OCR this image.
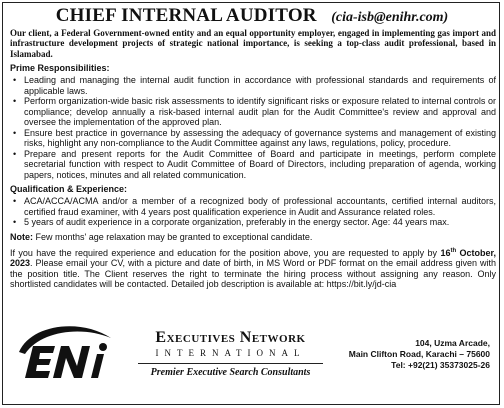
CHIEF INTERNAL AUDITOR (cia-isb@enihr.com)

Our client, a Federal Government-owned entity and an equal opportunity employer, engaged in implementing gas import and infrastructure development projects of strategic national importance, is seeking a top-class audit professional, based in Islamabad.

Prime Responsibilities:
• Leading and managing the internal audit function in accordance with professional standards and requirements of applicable laws.
• Perform organization-wide basic risk assessments to identify significant risks or exposure related to internal controls or compliance; develop annually a risk-based internal audit plan for the Audit Committee's review and approval and oversee the implementation of the approved plan.
• Ensure best practice in governance by assessing the adequacy of governance systems and management of existing risks, highlight any non-compliance to the Audit Committee against any laws, regulations, policy, procedure.
• Prepare and present reports for the Audit Committee of Board and participate in meetings, perform complete secretarial function with respect to Audit Committee of Board of Directors, including preparation of agenda, working papers, notices, minutes and all related communication.
Qualification & Experience:
• ACA/ACCA/ACMA and/or a member of a recognized body of professional accountants, certified internal auditors, certified fraud examiner, with 4 years post qualification experience in Audit and Assurance related roles.
• 5 years of audit experience in a corporate organization, preferably in the energy sector. Age: 44 years max.

Note: Few months' age relaxation may be granted to exceptional candidate.

If you have the required experience and education for the position above, you are requested to apply by 16th October, 2023. Please email your CV, with a picture and date of birth, in MS Word or PDF format on the email address given with the position title. The Client reserves the right to terminate the hiring process without assigning any reason. Only shortlisted candidates will be contacted. Detailed job description is available at: https://bit.ly/jd-cia

Executives Network
INTERNATIONAL
Premier Executive Search Consultants
104, Uzma Arcade,
Main Clifton Road, Karachi – 75600
Tel: +92(21) 35373025-26
